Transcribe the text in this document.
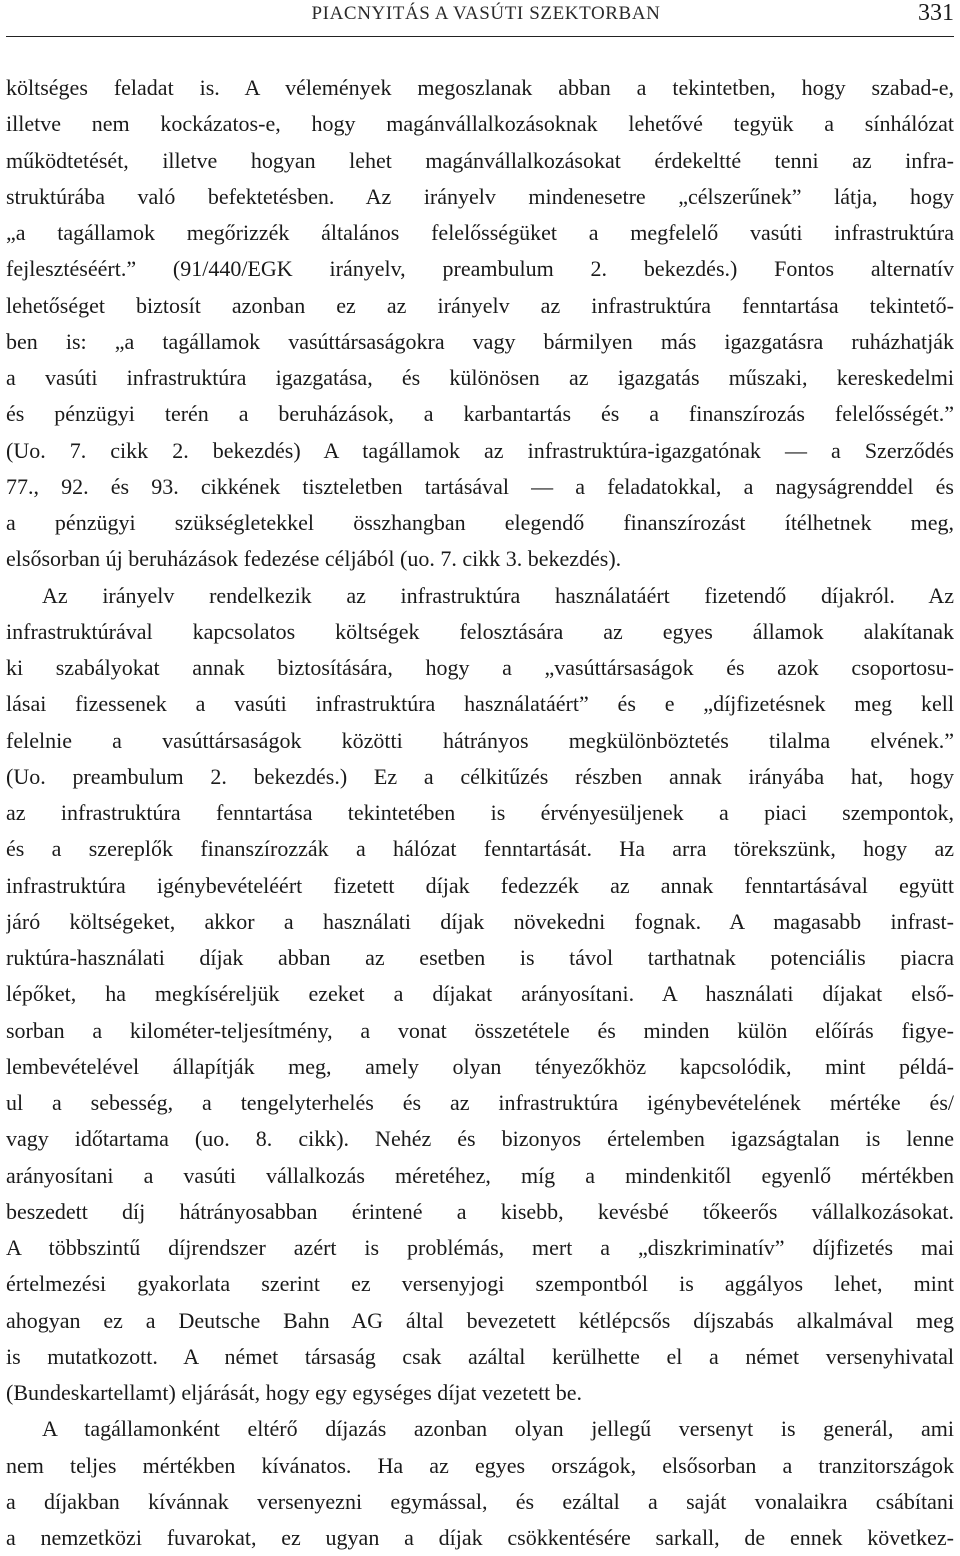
PIACNYITÁS A VASÚTI SZEKTORBAN	331
költséges feladat is. A vélemények megoszlanak abban a tekintetben, hogy szabad-e,
illetve nem kockázatos-e, hogy magánvállalkozásoknak lehetővé tegyük a sínhálózat
működtetését, illetve hogyan lehet magánvállalkozásokat érdekeltté tenni az infra-
struktúrába való befektetésben. Az irányelv mindenesetre „célszerűnek” látja, hogy
„a tagállamok megőrizzék általános felelősségüket a megfelelő vasúti infrastruktúra
fejlesztéséért.” (91/440/EGK irányelv, preambulum 2. bekezdés.) Fontos alternatív
lehetőséget biztosít azonban ez az irányelv az infrastruktúra fenntartása tekintető-
ben is: „a tagállamok vasúttársaságokra vagy bármilyen más igazgatásra ruházhatják
a vasúti infrastruktúra igazgatása, és különösen az igazgatás műszaki, kereskedelmi
és pénzügyi terén a beruházások, a karbantartás és a finanszírozás felelősségét.”
(Uo. 7. cikk 2. bekezdés) A tagállamok az infrastruktúra-igazgatónak — a Szerződés
77., 92. és 93. cikkének tiszteletben tartásával — a feladatokkal, a nagyságrenddel és
a pénzügyi szükségletekkel összhangban elegendő finanszírozást ítélhetnek meg,
elsősorban új beruházások fedezése céljából (uo. 7. cikk 3. bekezdés).
Az irányelv rendelkezik az infrastruktúra használatáért fizetendő díjakról. Az
infrastruktúrával kapcsolatos költségek felosztására az egyes államok alakítanak
ki szabályokat annak biztosítására, hogy a „vasúttársaságok és azok csoportosu-
lásai fizessenek a vasúti infrastruktúra használatáért” és e „díjfizetésnek meg kell
felelnie a vasúttársaságok közötti hátrányos megkülönböztetés tilalma elvének.”
(Uo. preambulum 2. bekezdés.) Ez a célkitűzés részben annak irányába hat, hogy
az infrastruktúra fenntartása tekintetében is érvényesüljenek a piaci szempontok,
és a szereplők finanszírozzák a hálózat fenntartását. Ha arra törekszünk, hogy az
infrastruktúra igénybevételéért fizetett díjak fedezzék az annak fenntartásával együtt
járó költségeket, akkor a használati díjak növekedni fognak. A magasabb infrast-
ruktúra-használati díjak abban az esetben is távol tarthatnak potenciális piacra
lépőket, ha megkíséreljük ezeket a díjakat arányosítani. A használati díjakat első-
sorban a kilométer-teljesítmény, a vonat összetétele és minden külön előírás figye-
lembevételével állapítják meg, amely olyan tényezőkhöz kapcsolódik, mint példá-
ul a sebesség, a tengelyterhelés és az infrastruktúra igénybevételének mértéke és/
vagy időtartama (uo. 8. cikk). Nehéz és bizonyos értelemben igazságtalan is lenne
arányosítani a vasúti vállalkozás méretéhez, míg a mindenkitől egyenlő mértékben
beszedett díj hátrányosabban érintené a kisebb, kevésbé tőkeerős vállalkozásokat.
A többszintű díjrendszer azért is problémás, mert a „diszkriminatív” díjfizetés mai
értelmezési gyakorlata szerint ez versenyjogi szempontból is aggályos lehet, mint
ahogyan ez a Deutsche Bahn AG által bevezetett kétlépcsős díjszabás alkalmával meg
is mutatkozott. A német társaság csak azáltal kerülhette el a német versenyhivatal
(Bundeskartellamt) eljárását, hogy egy egységes díjat vezetett be.
A tagállamonként eltérő díjazás azonban olyan jellegű versenyt is generál, ami
nem teljes mértékben kívánatos. Ha az egyes országok, elsősorban a tranzitországok
a díjakban kívánnak versenyezni egymással, és ezáltal a saját vonalaikra csábítani
a nemzetközi fuvarokat, ez ugyan a díjak csökkentésére sarkall, de ennek következ-
